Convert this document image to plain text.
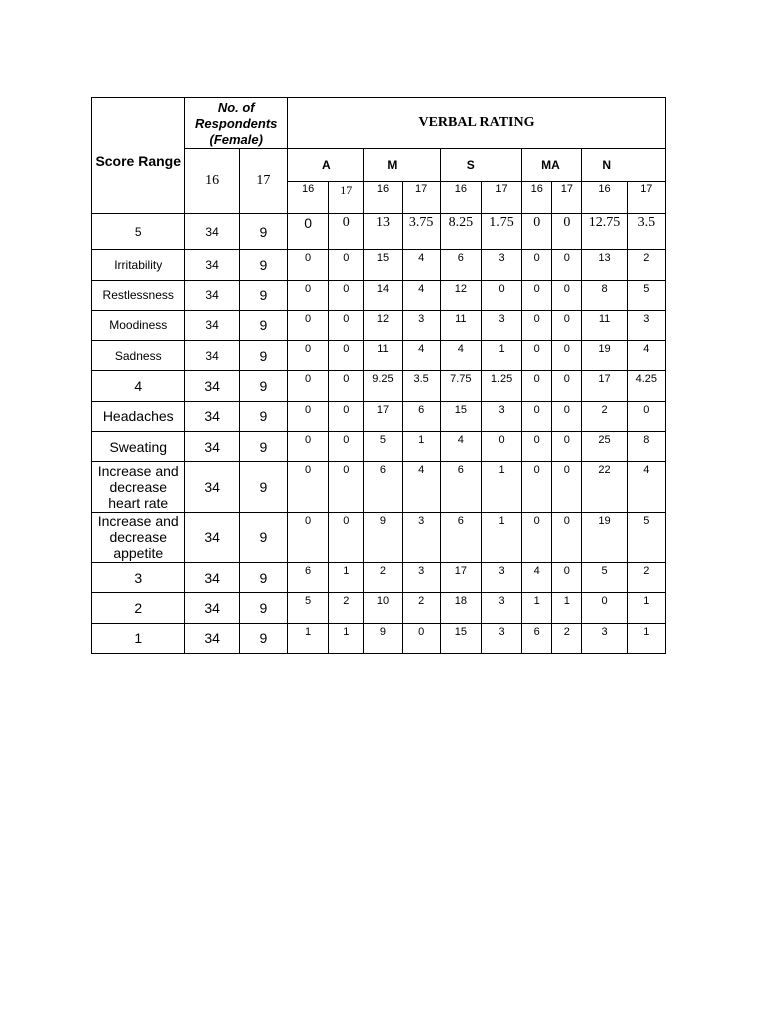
Score Range	No. of Respondents (Female)		VERBAL RATING									
	16	17	A		M		S		MA		N	
			16	17	16	17	16	17	16	17	16	17
5	34	9	0	0	13	3.75	8.25	1.75	0	0	12.75	3.5
Irritability	34	9	0	0	15	4	6	3	0	0	13	2
Restlessness	34	9	0	0	14	4	12	0	0	0	8	5
Moodiness	34	9	0	0	12	3	11	3	0	0	11	3
Sadness	34	9	0	0	11	4	4	1	0	0	19	4
4	34	9	0	0	9.25	3.5	7.75	1.25	0	0	17	4.25
Headaches	34	9	0	0	17	6	15	3	0	0	2	0
Sweating	34	9	0	0	5	1	4	0	0	0	25	8
Increase and decrease heart rate	34	9	0	0	6	4	6	1	0	0	22	4
Increase and decrease appetite	34	9	0	0	9	3	6	1	0	0	19	5
3	34	9	6	1	2	3	17	3	4	0	5	2
2	34	9	5	2	10	2	18	3	1	1	0	1
1	34	9	1	1	9	0	15	3	6	2	3	1
